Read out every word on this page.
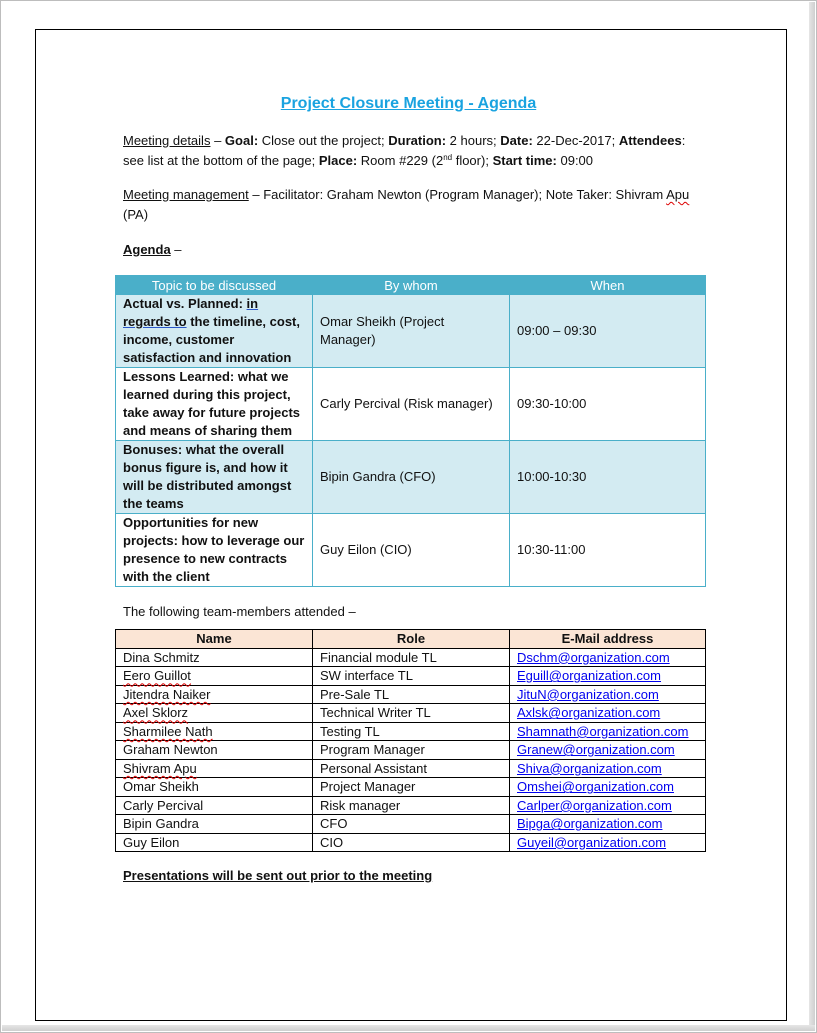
Project Closure Meeting - Agenda
Meeting details – Goal: Close out the project; Duration: 2 hours; Date: 22-Dec-2017; Attendees: see list at the bottom of the page; Place: Room #229 (2nd floor); Start time: 09:00
Meeting management – Facilitator: Graham Newton (Program Manager); Note Taker: Shivram Apu (PA)
Agenda –
Topic to be discussed	By whom	When
Actual vs. Planned: in regards to the timeline, cost, income, customer satisfaction and innovation	Omar Sheikh (Project Manager)	09:00 – 09:30
Lessons Learned: what we learned during this project, take away for future projects and means of sharing them	Carly Percival (Risk manager)	09:30-10:00
Bonuses: what the overall bonus figure is, and how it will be distributed amongst the teams	Bipin Gandra (CFO)	10:00-10:30
Opportunities for new projects: how to leverage our presence to new contracts with the client	Guy Eilon (CIO)	10:30-11:00
The following team-members attended –
Name	Role	E-Mail address
Dina Schmitz	Financial module TL	Dschm@organization.com
Eero Guillot	SW interface TL	Eguill@organization.com
Jitendra Naiker	Pre-Sale TL	JituN@organization.com
Axel Sklorz	Technical Writer TL	Axlsk@organization.com
Sharmilee Nath	Testing TL	Shamnath@organization.com
Graham Newton	Program Manager	Granew@organization.com
Shivram Apu	Personal Assistant	Shiva@organization.com
Omar Sheikh	Project Manager	Omshei@organization.com
Carly Percival	Risk manager	Carlper@organization.com
Bipin Gandra	CFO	Bipga@organization.com
Guy Eilon	CIO	Guyeil@organization.com
Presentations will be sent out prior to the meeting
